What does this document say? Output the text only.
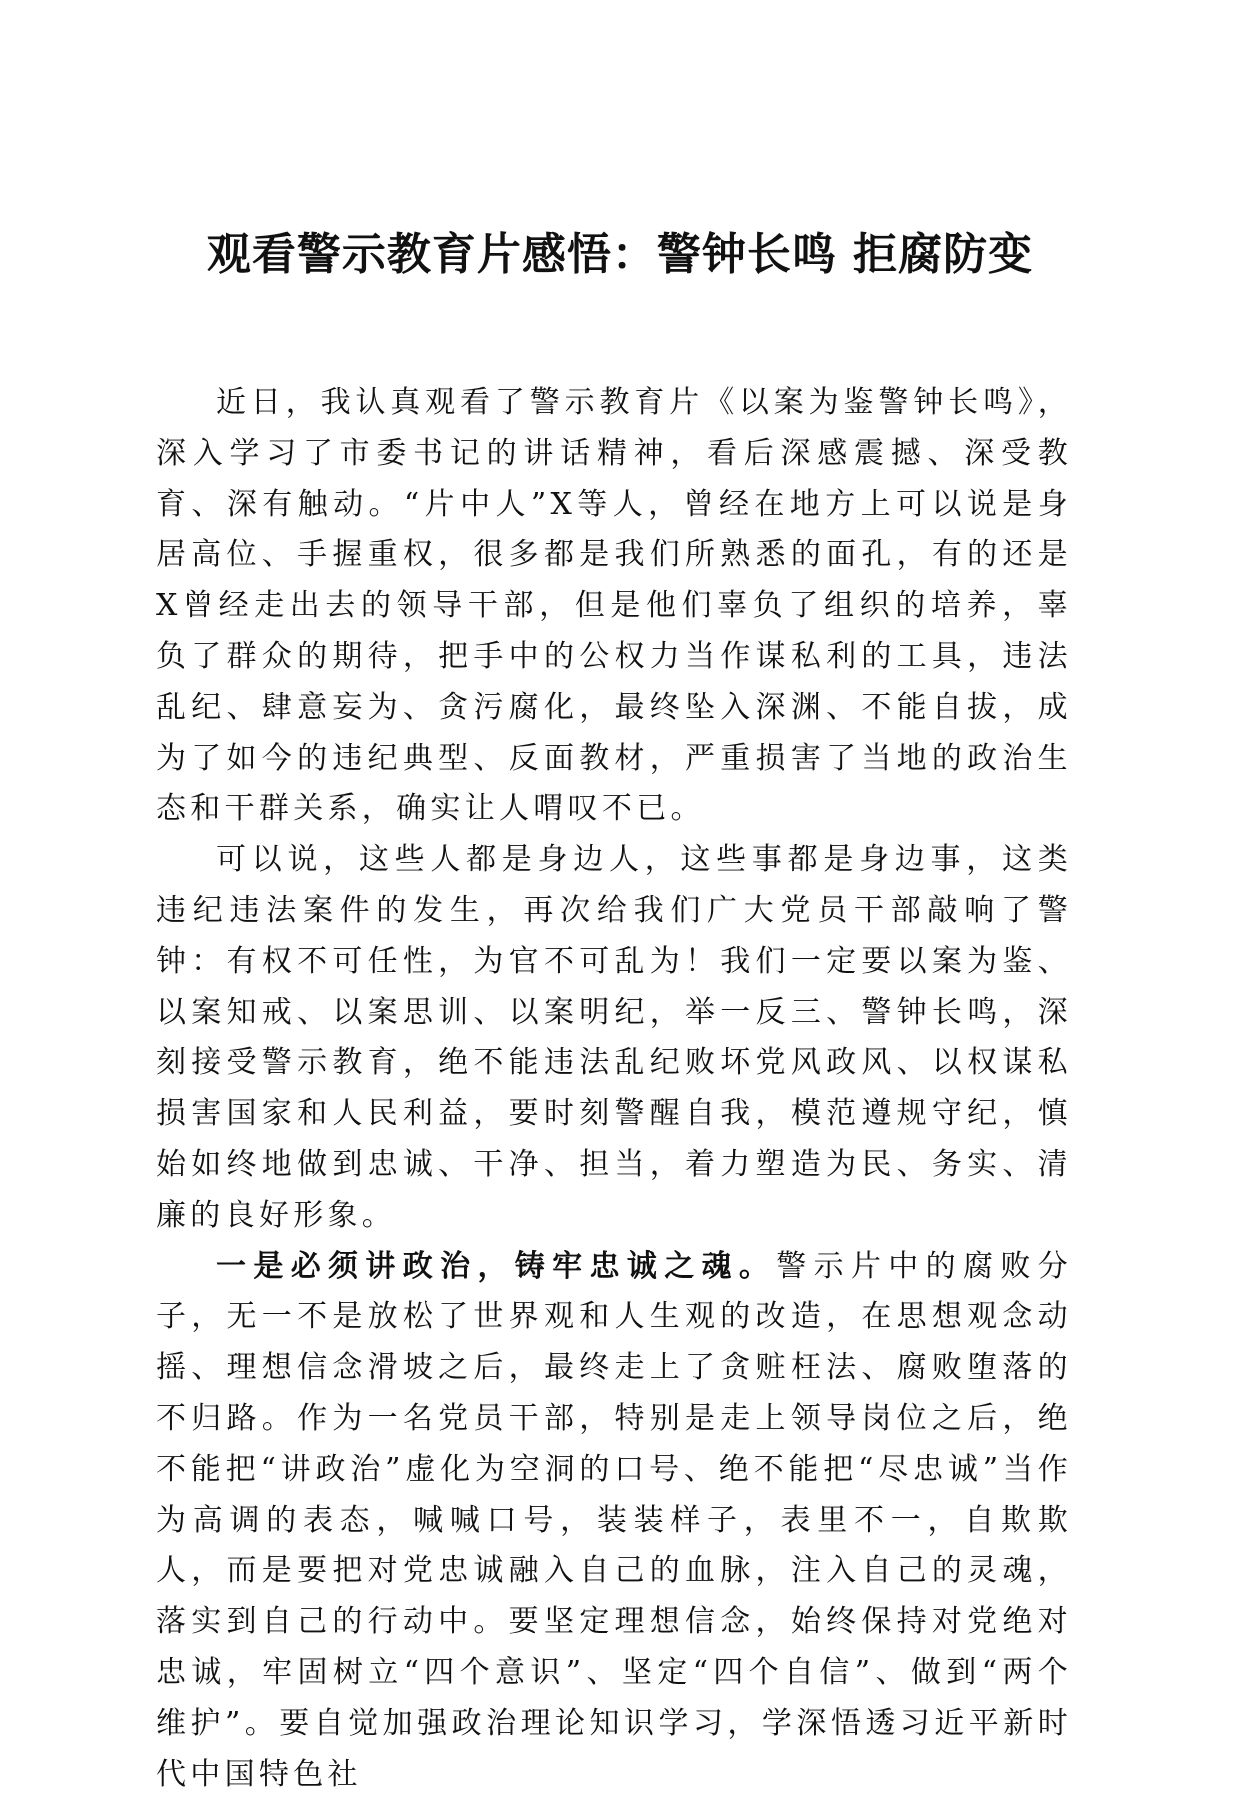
观看警示教育片感悟：警钟长鸣 拒腐防变

近日，我认真观看了警示教育片《以案为鉴警钟长鸣》，深入学习了市委书记的讲话精神，看后深感震撼、深受教育、深有触动。“片中人”X等人，曾经在地方上可以说是身居高位、手握重权，很多都是我们所熟悉的面孔，有的还是X曾经走出去的领导干部，但是他们辜负了组织的培养，辜负了群众的期待，把手中的公权力当作谋私利的工具，违法乱纪、肆意妄为、贪污腐化，最终坠入深渊、不能自拔，成为了如今的违纪典型、反面教材，严重损害了当地的政治生态和干群关系，确实让人喟叹不已。

可以说，这些人都是身边人，这些事都是身边事，这类违纪违法案件的发生，再次给我们广大党员干部敲响了警钟：有权不可任性，为官不可乱为！我们一定要以案为鉴、以案知戒、以案思训、以案明纪，举一反三、警钟长鸣，深刻接受警示教育，绝不能违法乱纪败坏党风政风、以权谋私损害国家和人民利益，要时刻警醒自我，模范遵规守纪，慎始如终地做到忠诚、干净、担当，着力塑造为民、务实、清廉的良好形象。

一是必须讲政治，铸牢忠诚之魂。警示片中的腐败分子，无一不是放松了世界观和人生观的改造，在思想观念动摇、理想信念滑坡之后，最终走上了贪赃枉法、腐败堕落的不归路。作为一名党员干部，特别是走上领导岗位之后，绝不能把“讲政治”虚化为空洞的口号、绝不能把“尽忠诚”当作为高调的表态，喊喊口号，装装样子，表里不一，自欺欺人，而是要把对党忠诚融入自己的血脉，注入自己的灵魂，落实到自己的行动中。要坚定理想信念，始终保持对党绝对忠诚，牢固树立“四个意识”、坚定“四个自信”、做到“两个维护”。要自觉加强政治理论知识学习，学深悟透习近平新时代中国特色社
